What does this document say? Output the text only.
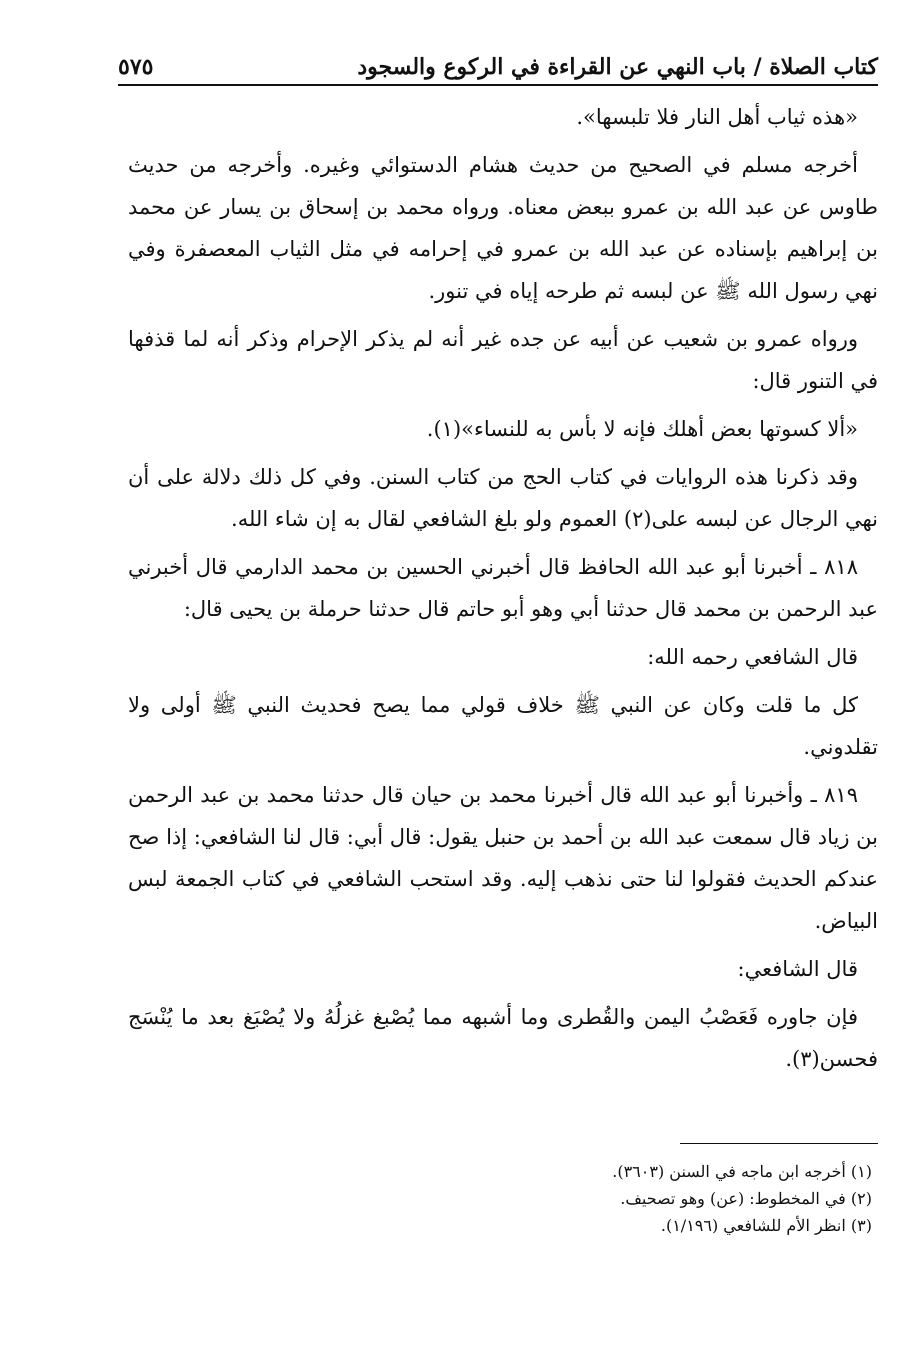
كتاب الصلاة / باب النهي عن القراءة في الركوع والسجود
٥٧٥

«هذه ثياب أهل النار فلا تلبسها».

أخرجه مسلم في الصحيح من حديث هشام الدستوائي وغيره. وأخرجه من حديث طاوس عن عبد الله بن عمرو ببعض معناه. ورواه محمد بن إسحاق بن يسار عن محمد بن إبراهيم بإسناده عن عبد الله بن عمرو في إحرامه في مثل الثياب المعصفرة وفي نهي رسول الله ﷺ عن لبسه ثم طرحه إياه في تنور.

ورواه عمرو بن شعيب عن أبيه عن جده غير أنه لم يذكر الإحرام وذكر أنه لما قذفها في التنور قال:

«ألا كسوتها بعض أهلك فإنه لا بأس به للنساء»(١).

وقد ذكرنا هذه الروايات في كتاب الحج من كتاب السنن. وفي كل ذلك دلالة على أن نهي الرجال عن لبسه على(٢) العموم ولو بلغ الشافعي لقال به إن شاء الله.

٨١٨ ـ أخبرنا أبو عبد الله الحافظ قال أخبرني الحسين بن محمد الدارمي قال أخبرني عبد الرحمن بن محمد قال حدثنا أبي وهو أبو حاتم قال حدثنا حرملة بن يحيى قال:

قال الشافعي رحمه الله:

كل ما قلت وكان عن النبي ﷺ خلاف قولي مما يصح فحديث النبي ﷺ أولى ولا تقلدوني.

٨١٩ ـ وأخبرنا أبو عبد الله قال أخبرنا محمد بن حيان قال حدثنا محمد بن عبد الرحمن بن زياد قال سمعت عبد الله بن أحمد بن حنبل يقول: قال أبي: قال لنا الشافعي: إذا صح عندكم الحديث فقولوا لنا حتى نذهب إليه. وقد استحب الشافعي في كتاب الجمعة لبس البياض.

قال الشافعي:

فإن جاوره فَعَصْبُ اليمن والقُطرى وما أشبهه مما يُصْبغ غزلُهُ ولا يُصْبَغ بعد ما يُنْسَج فحسن(٣).

(١) أخرجه ابن ماجه في السنن (٣٦٠٣).

(٢) في المخطوط: (عن) وهو تصحيف.

(٣) انظر الأم للشافعي (١/١٩٦).
